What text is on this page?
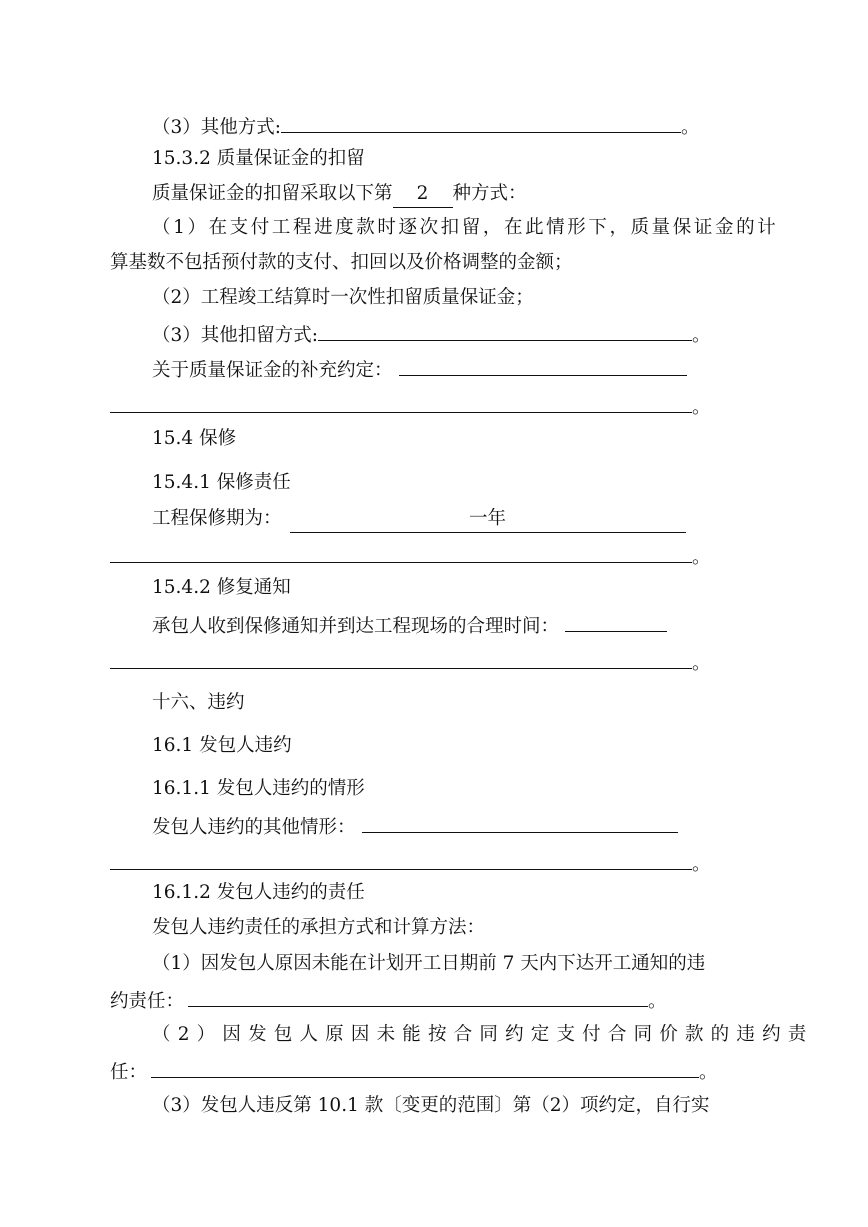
（3）其他方式:	。
15.3.2 质量保证金的扣留
质量保证金的扣留采取以下第 2 种方式：
（1）在支付工程进度款时逐次扣留，在此情形下，质量保证金的计
算基数不包括预付款的支付、扣回以及价格调整的金额；
（2）工程竣工结算时一次性扣留质量保证金；
（3）其他扣留方式:	。
关于质量保证金的补充约定：
。
15.4 保修
15.4.1 保修责任
工程保修期为：	一年
。
15.4.2 修复通知
承包人收到保修通知并到达工程现场的合理时间：
。
十六、违约
16.1 发包人违约
16.1.1 发包人违约的情形
发包人违约的其他情形：
。
16.1.2 发包人违约的责任
发包人违约责任的承担方式和计算方法：
（1）因发包人原因未能在计划开工日期前 7 天内下达开工通知的违
约责任：	。
（2）因发包人原因未能按合同约定支付合同价款的违约责
任：	。
（3）发包人违反第 10.1 款〔变更的范围〕第（2）项约定，自行实
